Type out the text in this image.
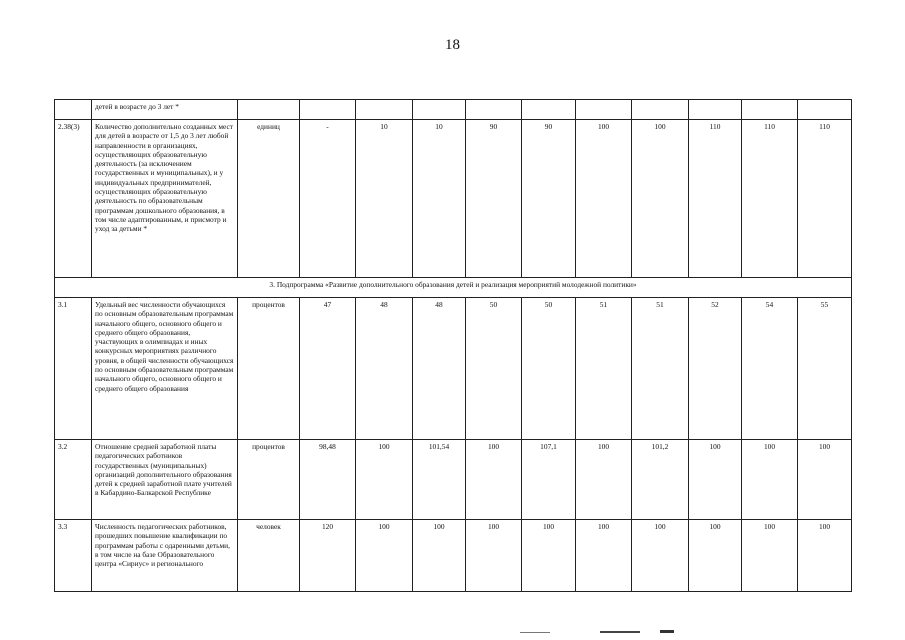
18
	детей в возрасте до 3 лет *											
2.38(3)	Количество дополнительно созданных мест для детей в возрасте от 1,5 до 3 лет любой направленности в организациях, осуществляющих образовательную деятельность (за исключением государственных и муниципальных), и у индивидуальных предпринимателей, осуществляющих образовательную деятельность по образовательным программам дошкольного образования, в том числе адаптированным, и присмотр и уход за детьми *	единиц	-	10	10	90	90	100	100	110	110	110
3. Подпрограмма «Развитие дополнительного образования детей и реализация мероприятий молодежной политики»												
3.1	Удельный вес численности обучающихся по основным образовательным программам начального общего, основного общего и среднего общего образования, участвующих в олимпиадах и иных конкурсных мероприятиях различного уровня, в общей численности обучающихся по основным образовательным программам начального общего, основного общего и среднего общего образования	процентов	47	48	48	50	50	51	51	52	54	55
3.2	Отношение средней заработной платы педагогических работников государственных (муниципальных) организаций дополнительного образования детей к средней заработной плате учителей в Кабардино-Балкарской Республике	процентов	98,48	100	101,54	100	107,1	100	101,2	100	100	100
3.3	Численность педагогических работников, прошедших повышение квалификации по программам работы с одаренными детьми, в том числе на базе Образовательного центра «Сириус» и регионального	человек	120	100	100	100	100	100	100	100	100	100
